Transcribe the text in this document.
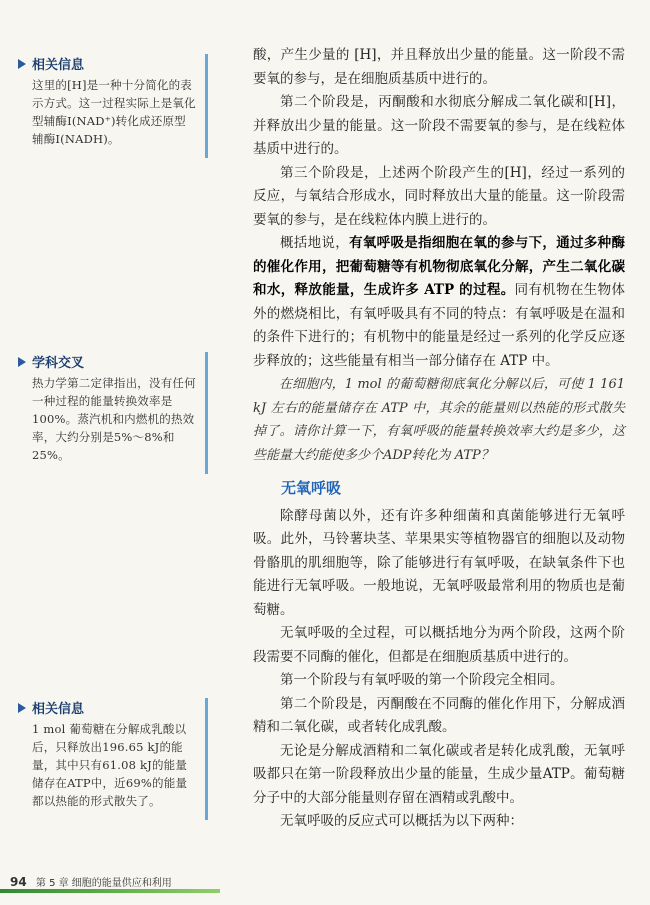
相关信息
这里的[H]是一种十分简化的表示方式。这一过程实际上是氧化型辅酶Ⅰ(NAD⁺)转化成还原型辅酶Ⅰ(NADH)。
学科交叉
热力学第二定律指出，没有任何一种过程的能量转换效率是100%。蒸汽机和内燃机的热效率，大约分别是5%～8%和25%。
相关信息
1 mol 葡萄糖在分解成乳酸以后，只释放出196.65 kJ的能量，其中只有61.08 kJ的能量储存在ATP中，近69%的能量都以热能的形式散失了。

酸，产生少量的 [H]，并且释放出少量的能量。这一阶段不需要氧的参与，是在细胞质基质中进行的。

第二个阶段是，丙酮酸和水彻底分解成二氧化碳和[H]，并释放出少量的能量。这一阶段不需要氧的参与，是在线粒体基质中进行的。

第三个阶段是，上述两个阶段产生的[H]，经过一系列的反应，与氧结合形成水，同时释放出大量的能量。这一阶段需要氧的参与，是在线粒体内膜上进行的。

概括地说，有氧呼吸是指细胞在氧的参与下，通过多种酶的催化作用，把葡萄糖等有机物彻底氧化分解，产生二氧化碳和水，释放能量，生成许多 ATP 的过程。同有机物在生物体外的燃烧相比，有氧呼吸具有不同的特点：有氧呼吸是在温和的条件下进行的；有机物中的能量是经过一系列的化学反应逐步释放的；这些能量有相当一部分储存在 ATP 中。

在细胞内，1 mol 的葡萄糖彻底氧化分解以后，可使 1 161 kJ 左右的能量储存在 ATP 中，其余的能量则以热能的形式散失掉了。请你计算一下，有氧呼吸的能量转换效率大约是多少，这些能量大约能使多少个ADP转化为 ATP？

无氧呼吸

除酵母菌以外，还有许多种细菌和真菌能够进行无氧呼吸。此外，马铃薯块茎、苹果果实等植物器官的细胞以及动物骨骼肌的肌细胞等，除了能够进行有氧呼吸，在缺氧条件下也能进行无氧呼吸。一般地说，无氧呼吸最常利用的物质也是葡萄糖。

无氧呼吸的全过程，可以概括地分为两个阶段，这两个阶段需要不同酶的催化，但都是在细胞质基质中进行的。

第一个阶段与有氧呼吸的第一个阶段完全相同。

第二个阶段是，丙酮酸在不同酶的催化作用下，分解成酒精和二氧化碳，或者转化成乳酸。

无论是分解成酒精和二氧化碳或者是转化成乳酸，无氧呼吸都只在第一阶段释放出少量的能量，生成少量ATP。葡萄糖分子中的大部分能量则存留在酒精或乳酸中。

无氧呼吸的反应式可以概括为以下两种：

94 第 5 章 细胞的能量供应和利用
